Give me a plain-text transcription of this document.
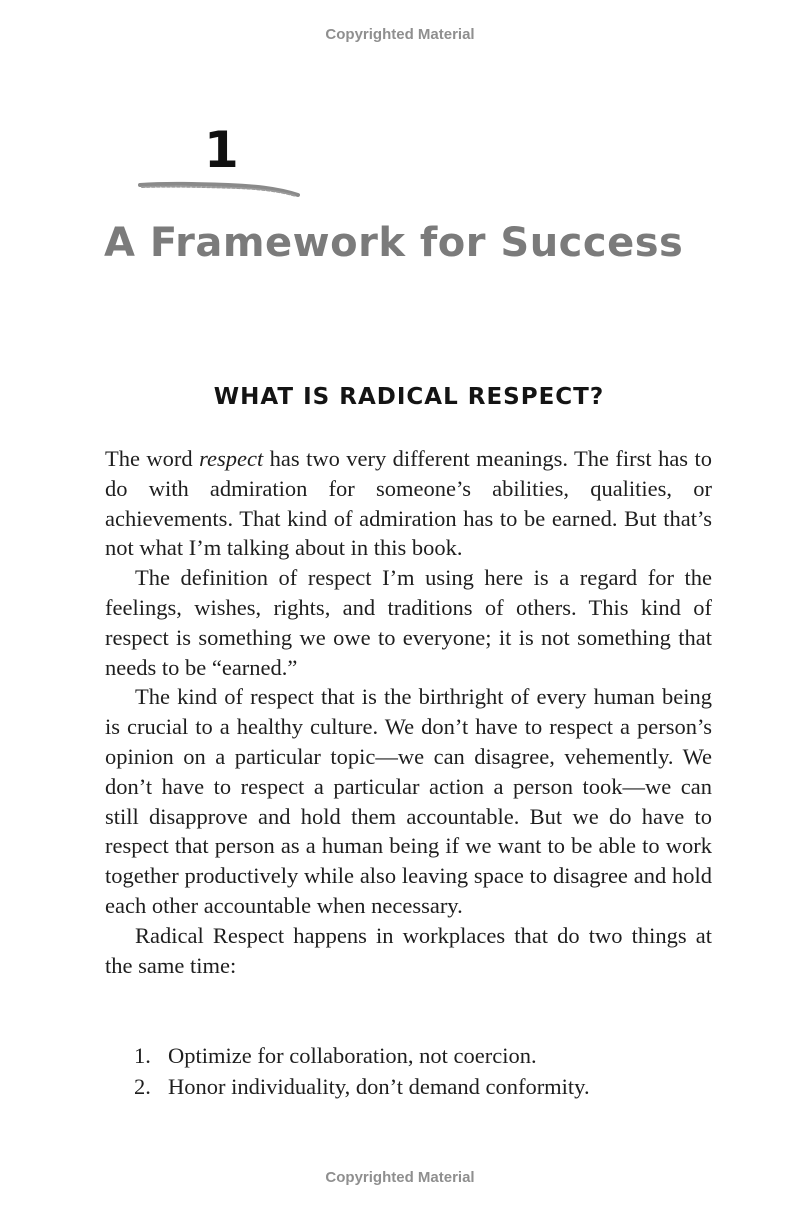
Copyrighted Material
1
A Framework for Success
WHAT IS RADICAL RESPECT?

The word respect has two very different meanings. The first has to do with admiration for someone’s abilities, qualities, or achievements. That kind of admiration has to be earned. But that’s not what I’m talking about in this book.

The definition of respect I’m using here is a regard for the feelings, wishes, rights, and traditions of others. This kind of respect is something we owe to everyone; it is not something that needs to be “earned.”

The kind of respect that is the birthright of every human being is crucial to a healthy culture. We don’t have to respect a person’s opinion on a particular topic—we can disagree, vehemently. We don’t have to respect a particular action a person took—we can still disapprove and hold them accountable. But we do have to respect that person as a human being if we want to be able to work together productively while also leaving space to disagree and hold each other accountable when necessary.

Radical Respect happens in workplaces that do two things at the same time:

1. Optimize for collaboration, not coercion.
2. Honor individuality, don’t demand conformity.
Copyrighted Material
